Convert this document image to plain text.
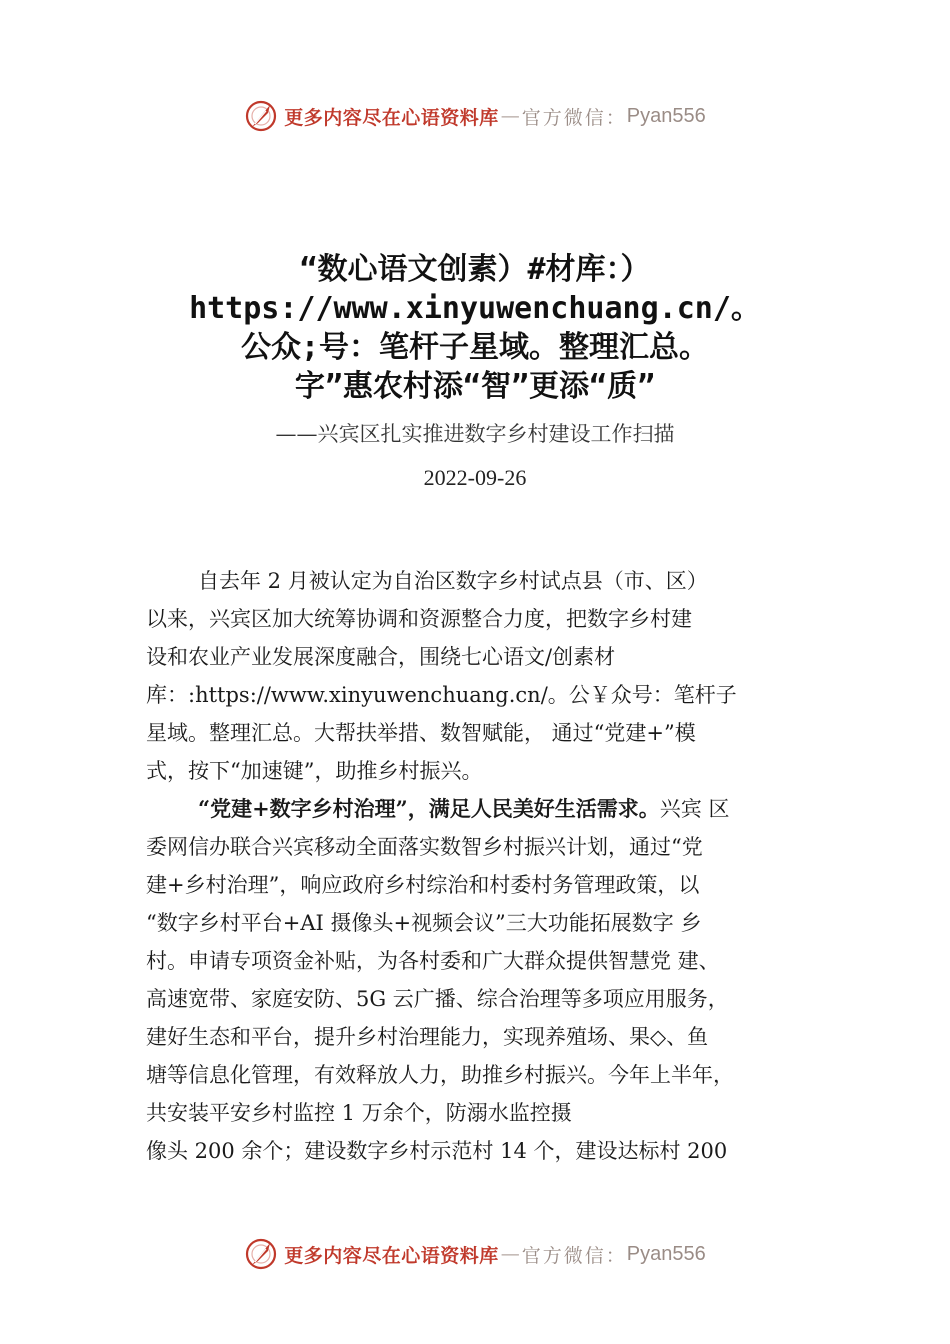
更多内容尽在心语资料库 — 官方微信： Pyan556
“数心语文创素）#材库：）
https://www.xinyuwenchuang.cn/。
公众;号：笔杆子星域。整理汇总。
字”惠农村添“智”更添“质”
——兴宾区扎实推进数字乡村建设工作扫描
2022-09-26
自去年 2 月被认定为自治区数字乡村试点县（市、区）
以来，兴宾区加大统筹协调和资源整合力度，把数字乡村建
设和农业产业发展深度融合，围绕七心语文/创素材
库：:https://www.xinyuwenchuang.cn/。公￥众号：笔杆子
星域。整理汇总。大帮扶举措、数智赋能， 通过“党建+”模
式，按下“加速键”，助推乡村振兴。
“党建+数字乡村治理”，满足人民美好生活需求。兴宾 区
委网信办联合兴宾移动全面落实数智乡村振兴计划，通过“党
建+乡村治理”，响应政府乡村综治和村委村务管理政策，以
“数字乡村平台+AI 摄像头+视频会议”三大功能拓展数字 乡
村。申请专项资金补贴，为各村委和广大群众提供智慧党 建、
高速宽带、家庭安防、5G 云广播、综合治理等多项应用服务，
建好生态和平台，提升乡村治理能力，实现养殖场、果◇、鱼
塘等信息化管理，有效释放人力，助推乡村振兴。今年上半年，
共安装平安乡村监控 1 万余个，防溺水监控摄
像头 200 余个；建设数字乡村示范村 14 个，建设达标村 200
更多内容尽在心语资料库 — 官方微信： Pyan556
